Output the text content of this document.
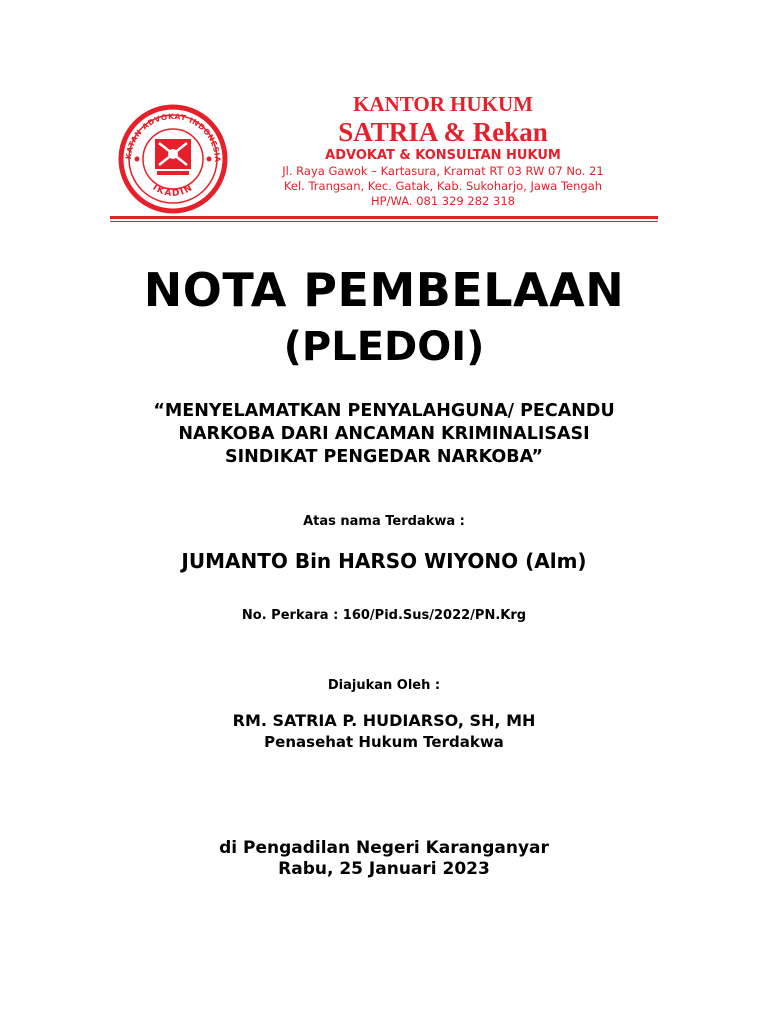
KATAN ADVOKAT INDONESIA
IKADIN
KANTOR HUKUM
SATRIA & Rekan
ADVOKAT & KONSULTAN HUKUM
Jl. Raya Gawok – Kartasura, Kramat RT 03 RW 07 No. 21
Kel. Trangsan, Kec. Gatak, Kab. Sukoharjo, Jawa Tengah
HP/WA. 081 329 282 318
NOTA PEMBELAAN
(PLEDOI)
“MENYELAMATKAN PENYALAHGUNA/ PECANDU
NARKOBA DARI ANCAMAN KRIMINALISASI
SINDIKAT PENGEDAR NARKOBA”
Atas nama Terdakwa :
JUMANTO Bin HARSO WIYONO (Alm)
No. Perkara : 160/Pid.Sus/2022/PN.Krg
Diajukan Oleh :
RM. SATRIA P. HUDIARSO, SH, MH
Penasehat Hukum Terdakwa
di Pengadilan Negeri Karanganyar
Rabu, 25 Januari 2023
